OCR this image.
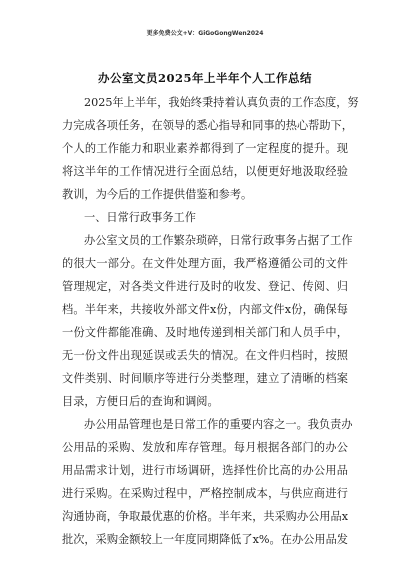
更多免费公文+V：GiGoGongWen2024
办公室文员2025年上半年个人工作总结
2025年上半年，我始终秉持着认真负责的工作态度，努
力完成各项任务，在领导的悉心指导和同事的热心帮助下，
个人的工作能力和职业素养都得到了一定程度的提升。现
将这半年的工作情况进行全面总结，以便更好地汲取经验
教训，为今后的工作提供借鉴和参考。
一、日常行政事务工作
办公室文员的工作繁杂琐碎，日常行政事务占据了工作
的很大一部分。在文件处理方面，我严格遵循公司的文件
管理规定，对各类文件进行及时的收发、登记、传阅、归
档。半年来，共接收外部文件x份，内部文件x份，确保每
一份文件都能准确、及时地传递到相关部门和人员手中，
无一份文件出现延误或丢失的情况。在文件归档时，按照
文件类别、时间顺序等进行分类整理，建立了清晰的档案
目录，方便日后的查询和调阅。
办公用品管理也是日常工作的重要内容之一。我负责办
公用品的采购、发放和库存管理。每月根据各部门的办公
用品需求计划，进行市场调研，选择性价比高的办公用品
进行采购。在采购过程中，严格控制成本，与供应商进行
沟通协商，争取最优惠的价格。半年来，共采购办公用品x
批次，采购金额较上一年度同期降低了x%。在办公用品发
